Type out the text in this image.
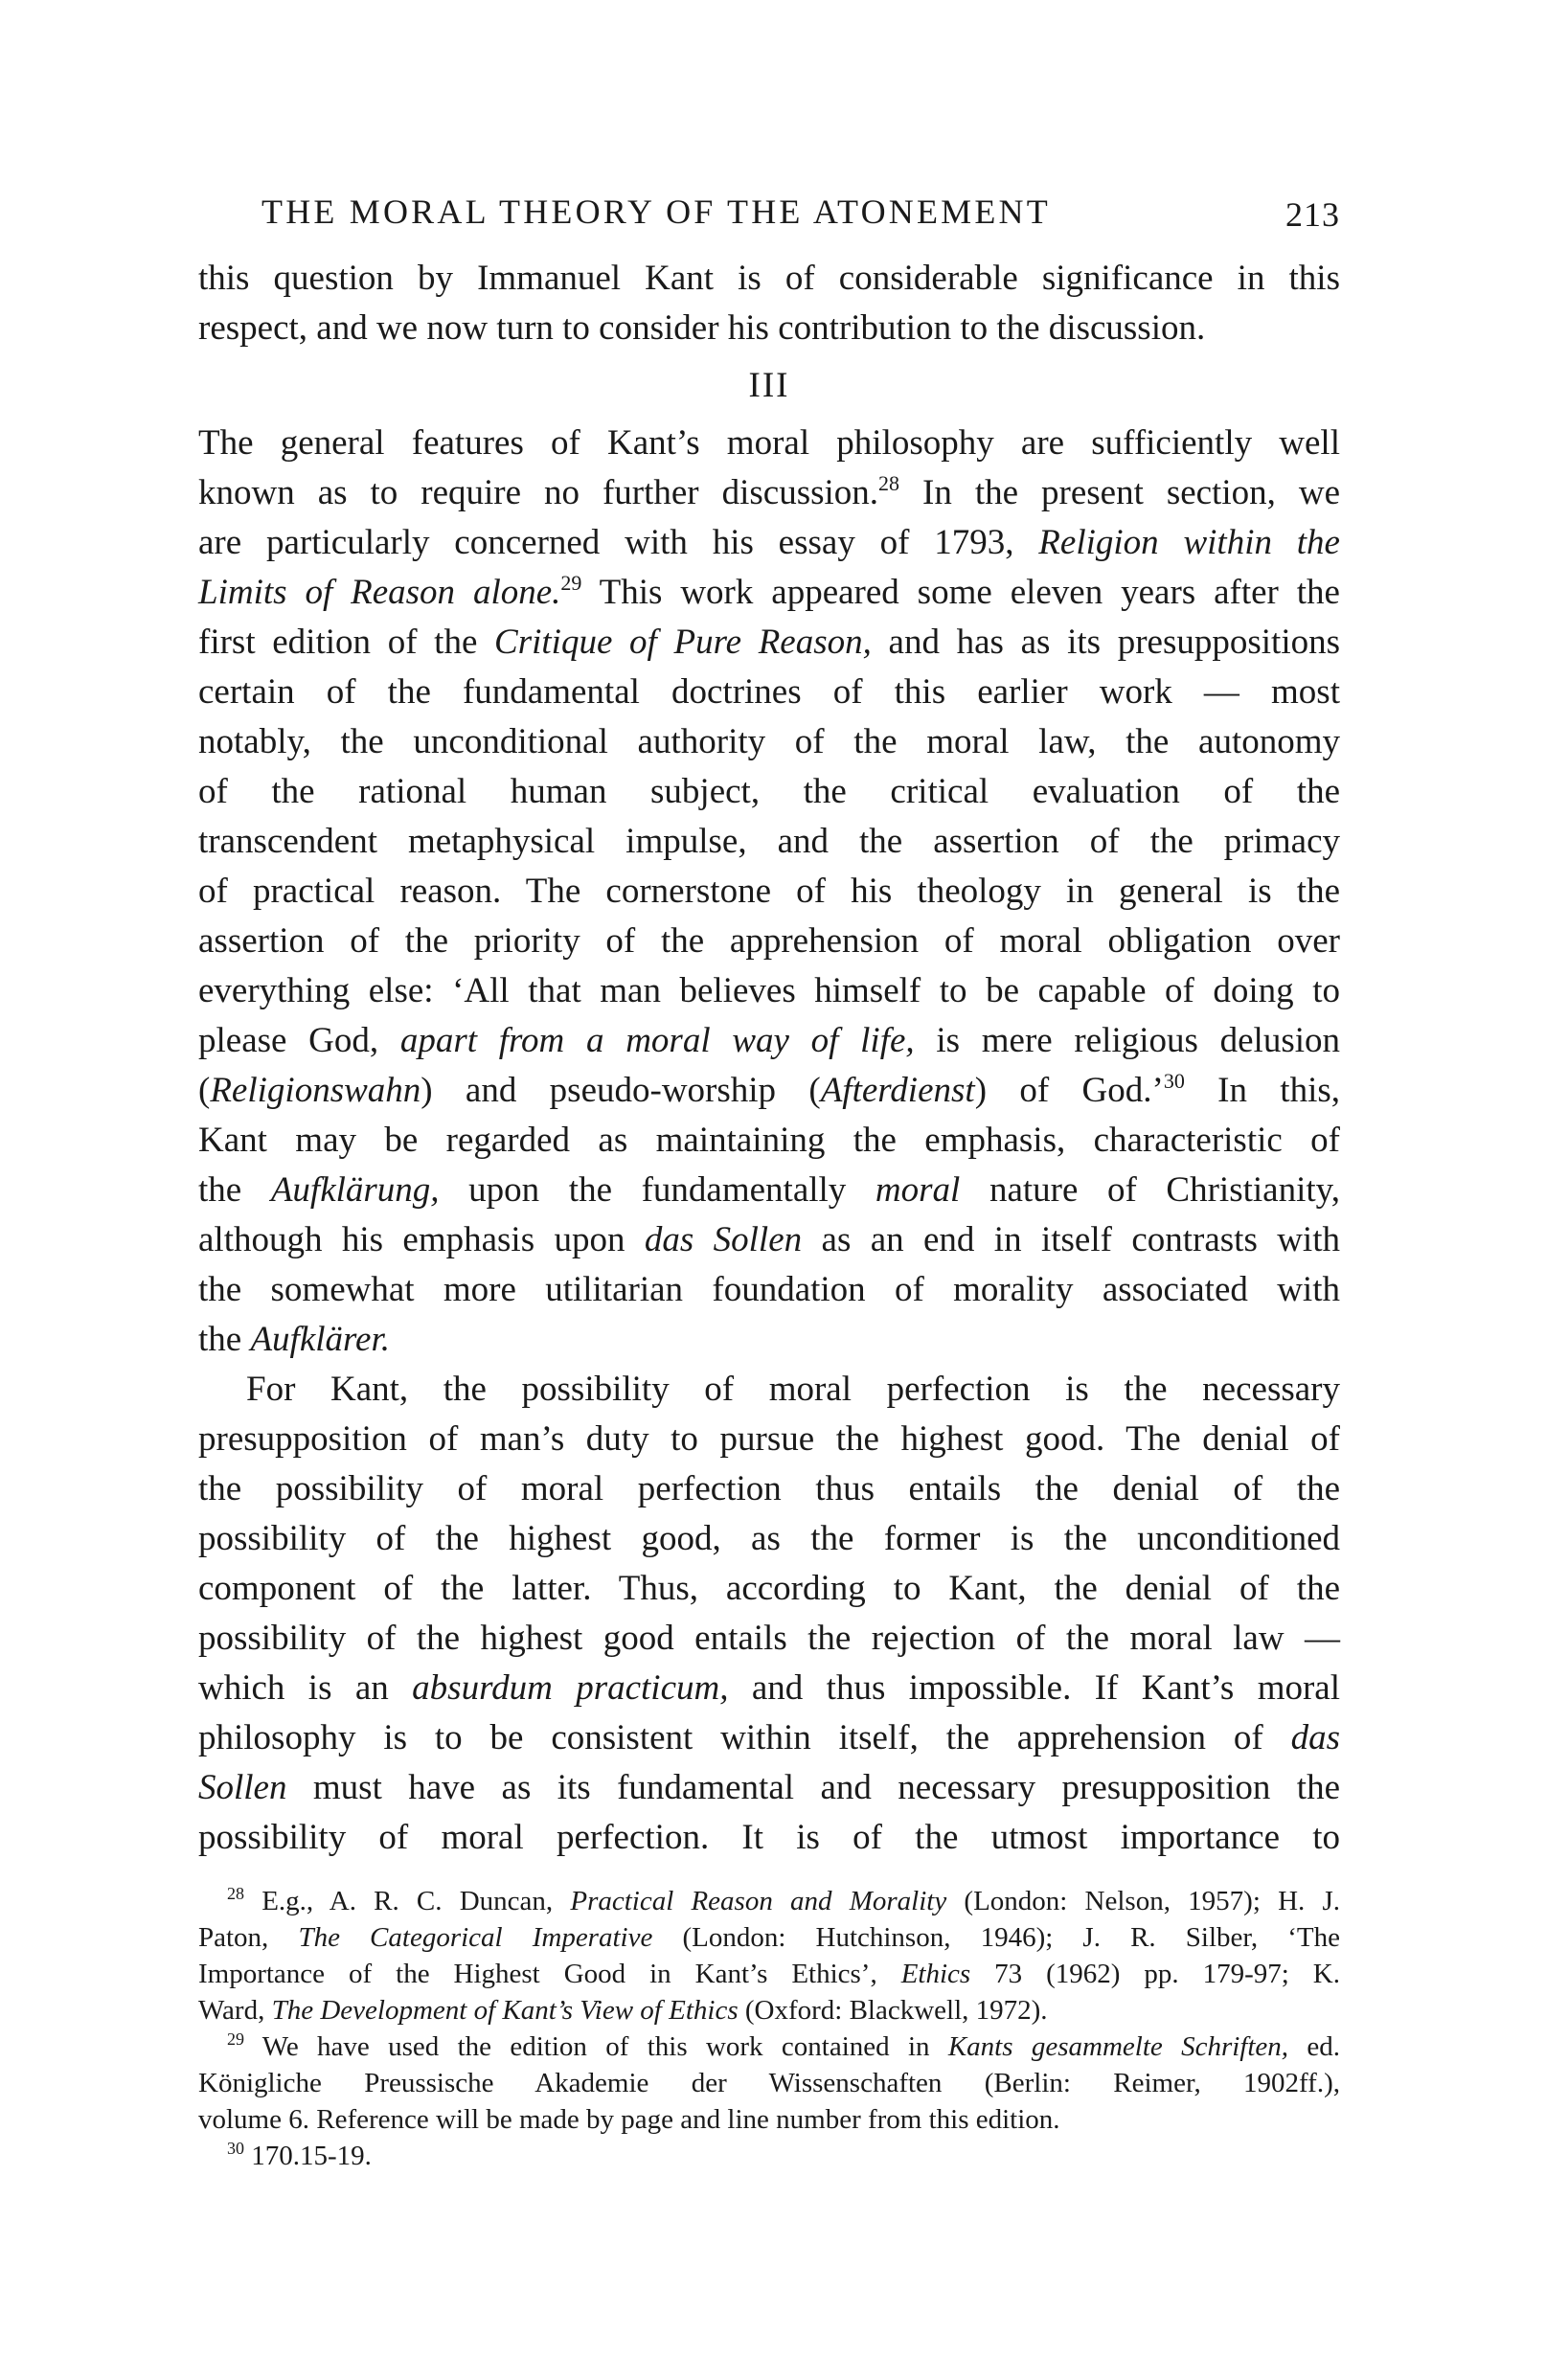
THE MORAL THEORY OF THE ATONEMENT	213
this question by Immanuel Kant is of considerable significance in this
respect, and we now turn to consider his contribution to the discussion.
III
The general features of Kant’s moral philosophy are sufficiently well
known as to require no further discussion.$^{28}$ In the present section, we
are particularly concerned with his essay of 1793, Religion within the
Limits of Reason alone.$^{29}$ This work appeared some eleven years after the
first edition of the Critique of Pure Reason, and has as its presuppositions
certain of the fundamental doctrines of this earlier work — most
notably, the unconditional authority of the moral law, the autonomy
of the rational human subject, the critical evaluation of the
transcendent metaphysical impulse, and the assertion of the primacy
of practical reason. The cornerstone of his theology in general is the
assertion of the priority of the apprehension of moral obligation over
everything else: ‘All that man believes himself to be capable of doing to
please God, apart from a moral way of life, is mere religious delusion
(Religionswahn) and pseudo-worship (Afterdienst) of God.’$^{30}$ In this,
Kant may be regarded as maintaining the emphasis, characteristic of
the Aufklärung, upon the fundamentally moral nature of Christianity,
although his emphasis upon das Sollen as an end in itself contrasts with
the somewhat more utilitarian foundation of morality associated with
the Aufklärer.
For Kant, the possibility of moral perfection is the necessary
presupposition of man’s duty to pursue the highest good. The denial of
the possibility of moral perfection thus entails the denial of the
possibility of the highest good, as the former is the unconditioned
component of the latter. Thus, according to Kant, the denial of the
possibility of the highest good entails the rejection of the moral law —
which is an absurdum practicum, and thus impossible. If Kant’s moral
philosophy is to be consistent within itself, the apprehension of das
Sollen must have as its fundamental and necessary presupposition the
possibility of moral perfection. It is of the utmost importance to
$^{28}$ E.g., A. R. C. Duncan, Practical Reason and Morality (London: Nelson, 1957); H. J.
Paton, The Categorical Imperative (London: Hutchinson, 1946); J. R. Silber, ‘The
Importance of the Highest Good in Kant’s Ethics’, Ethics 73 (1962) pp. 179-97; K.
Ward, The Development of Kant’s View of Ethics (Oxford: Blackwell, 1972).
$^{29}$ We have used the edition of this work contained in Kants gesammelte Schriften, ed.
Königliche Preussische Akademie der Wissenschaften (Berlin: Reimer, 1902ff.),
volume 6. Reference will be made by page and line number from this edition.
$^{30}$ 170.15-19.
